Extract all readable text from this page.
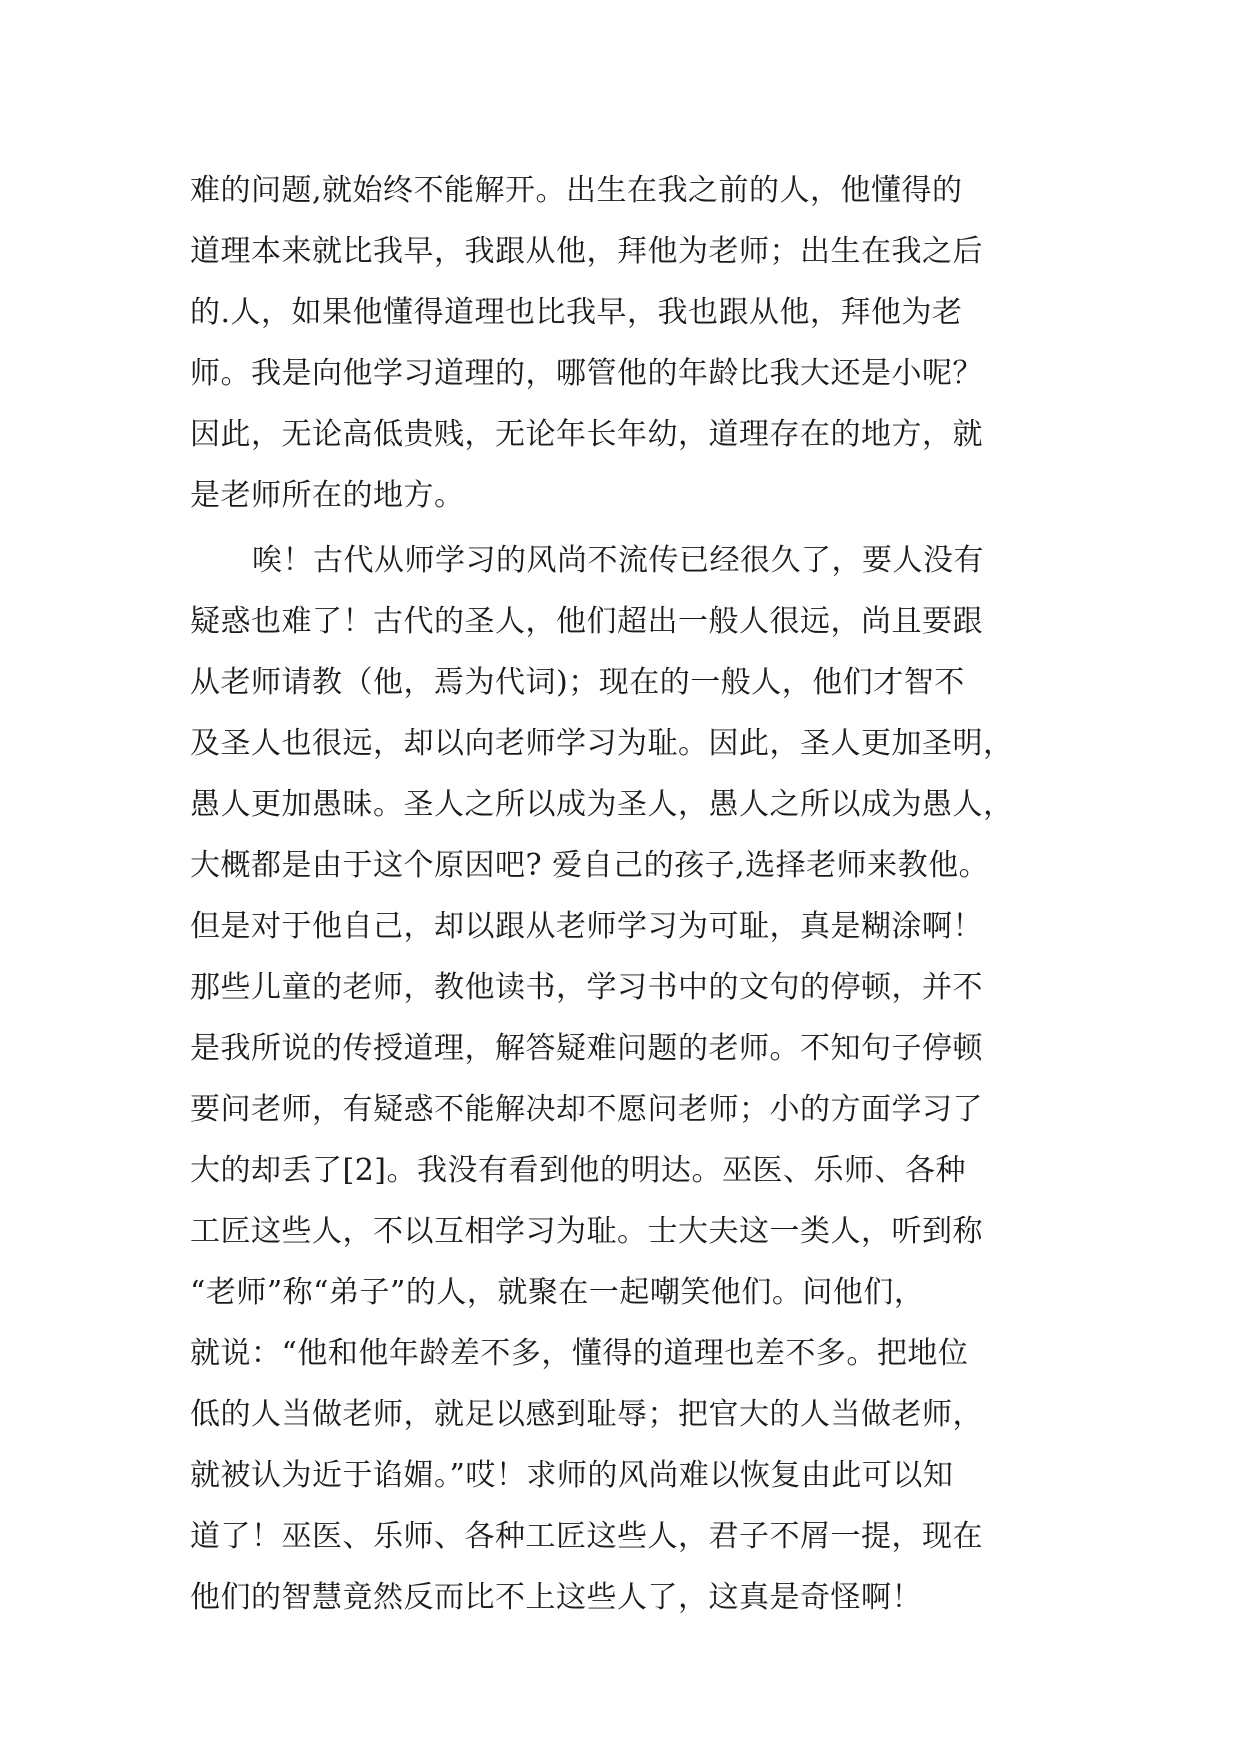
难的问题,就始终不能解开。出生在我之前的人，他懂得的
道理本来就比我早，我跟从他，拜他为老师；出生在我之后
的.人，如果他懂得道理也比我早，我也跟从他，拜他为老
师。我是向他学习道理的，哪管他的年龄比我大还是小呢？
因此，无论高低贵贱，无论年长年幼，道理存在的地方，就
是老师所在的地方。
唉！古代从师学习的风尚不流传已经很久了，要人没有
疑惑也难了！古代的圣人，他们超出一般人很远，尚且要跟
从老师请教（他，焉为代词)；现在的一般人，他们才智不
及圣人也很远，却以向老师学习为耻。因此，圣人更加圣明，
愚人更加愚昧。圣人之所以成为圣人，愚人之所以成为愚人，
大概都是由于这个原因吧? 爱自己的孩子,选择老师来教他。
但是对于他自己，却以跟从老师学习为可耻，真是糊涂啊！
那些儿童的老师，教他读书，学习书中的文句的停顿，并不
是我所说的传授道理，解答疑难问题的老师。不知句子停顿
要问老师，有疑惑不能解决却不愿问老师；小的方面学习了
大的却丢了[2]。我没有看到他的明达。巫医、乐师、各种
工匠这些人，不以互相学习为耻。士大夫这一类人，听到称
“老师”称“弟子”的人，就聚在一起嘲笑他们。问他们，
就说：“他和他年龄差不多，懂得的道理也差不多。把地位
低的人当做老师，就足以感到耻辱；把官大的人当做老师，
就被认为近于谄媚。”哎！求师的风尚难以恢复由此可以知
道了！巫医、乐师、各种工匠这些人，君子不屑一提，现在
他们的智慧竟然反而比不上这些人了，这真是奇怪啊！
